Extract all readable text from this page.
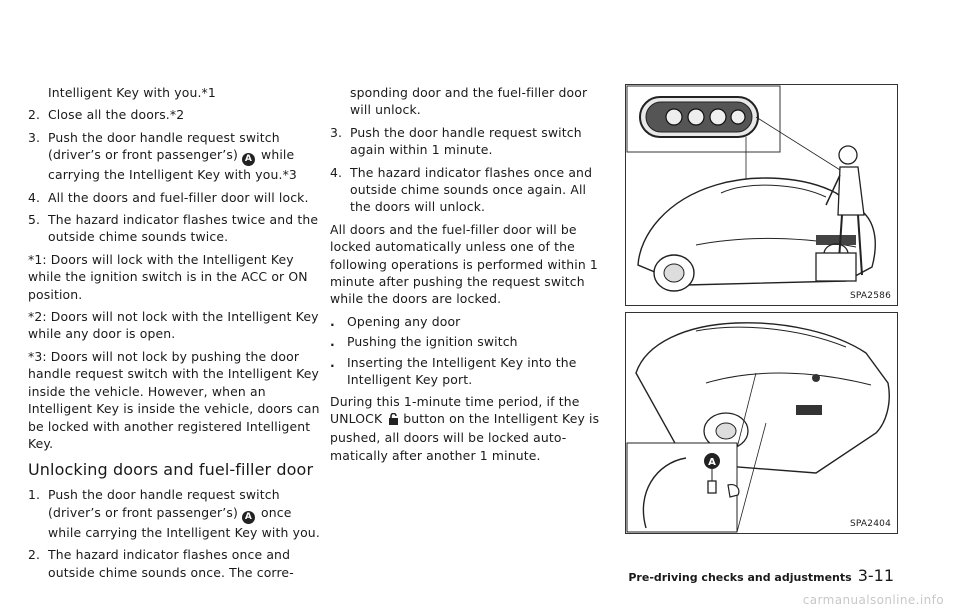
Intelligent Key with you.*1

2. Close all the doors.*2
3. Push the door handle request switch (driver’s or front passenger’s) A while carrying the Intelligent Key with you.*3
4. All the doors and fuel-filler door will lock.
5. The hazard indicator flashes twice and the outside chime sounds twice.

*1: Doors will lock with the Intelligent Key while the ignition switch is in the ACC or ON position.

*2: Doors will not lock with the Intelligent Key while any door is open.

*3: Doors will not lock by pushing the door handle request switch with the Intelligent Key inside the vehicle. However, when an Intelligent Key is inside the vehicle, doors can be locked with another registered Intelligent Key.

Unlocking doors and fuel-filler door
1. Push the door handle request switch (driver’s or front passenger’s) A once while carrying the Intelligent Key with you.
2. The hazard indicator flashes once and outside chime sounds once. The corre-

sponding door and the fuel-filler door will unlock.

3. Push the door handle request switch again within 1 minute.
4. The hazard indicator flashes once and outside chime sounds once again. All the doors will unlock.

All doors and the fuel-filler door will be locked automatically unless one of the following operations is performed within 1 minute after pushing the request switch while the doors are locked.

. Opening any door
. Pushing the ignition switch
. Inserting the Intelligent Key into the Intelligent Key port.

During this 1-minute time period, if the UNLOCK button on the Intelligent Key is pushed, all doors will be locked auto-matically after another 1 minute.

SPA2586
A
SPA2404
Pre-driving checks and adjustments 3-11
carmanualsonline.info
